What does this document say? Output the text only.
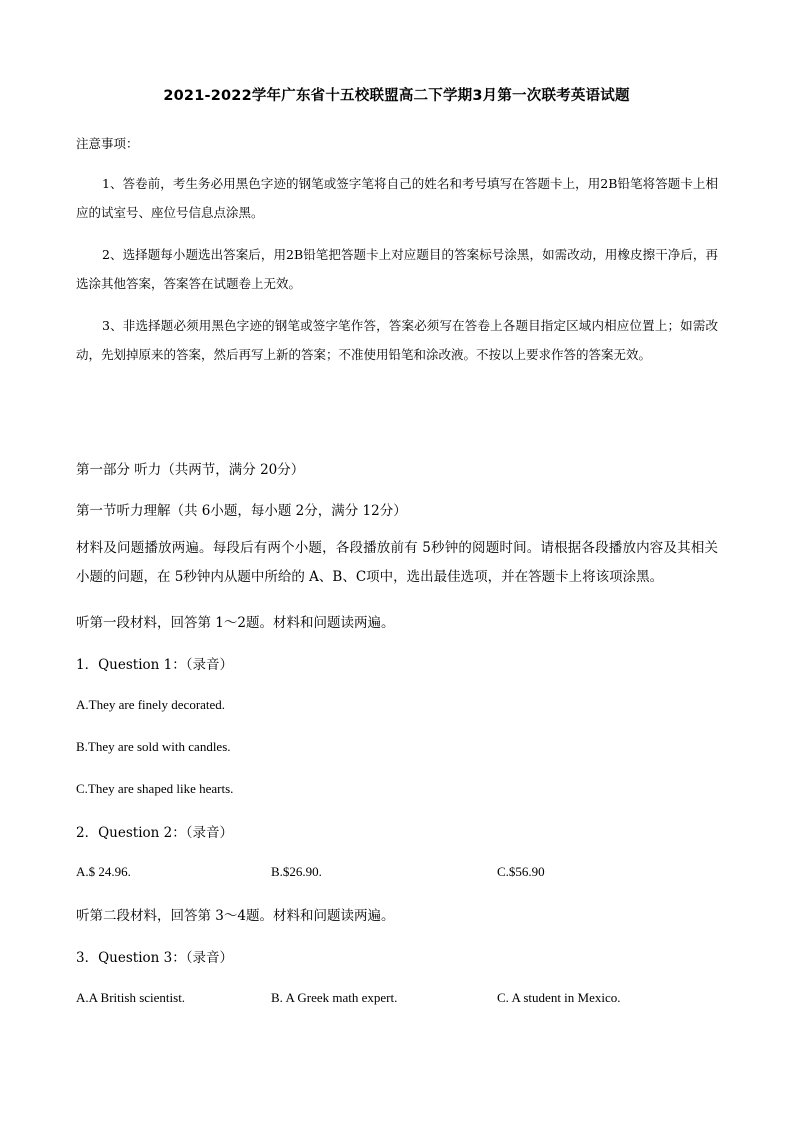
2021-2022学年广东省十五校联盟高二下学期3月第一次联考英语试题
注意事项：
1、答卷前，考生务必用黑色字迹的钢笔或签字笔将自己的姓名和考号填写在答题卡上，用2B铅笔将答题卡上相应的试室号、座位号信息点涂黑。
2、选择题每小题选出答案后，用2B铅笔把答题卡上对应题目的答案标号涂黑，如需改动，用橡皮擦干净后，再选涂其他答案，答案答在试题卷上无效。
3、非选择题必须用黑色字迹的钢笔或签字笔作答，答案必须写在答卷上各题目指定区域内相应位置上；如需改动，先划掉原来的答案，然后再写上新的答案；不准使用铅笔和涂改液。不按以上要求作答的答案无效。
第一部分 听力（共两节，满分 20分）
第一节听力理解（共 6小题，每小题 2分，满分 12分）
材料及问题播放两遍。每段后有两个小题，各段播放前有 5秒钟的阅题时间。请根据各段播放内容及其相关小题的问题，在 5秒钟内从题中所给的 A、B、C项中，选出最佳选项，并在答题卡上将该项涂黑。
听第一段材料，回答第 1～2题。材料和问题读两遍。
1．Question 1：（录音）
A.They are finely decorated.
B.They are sold with candles.
C.They are shaped like hearts.
2．Question 2：（录音）
A.$ 24.96.	B.$26.90.	C.$56.90
听第二段材料，回答第 3～4题。材料和问题读两遍。
3．Question 3：（录音）
A.A British scientist.	B. A Greek math expert.	C. A student in Mexico.
